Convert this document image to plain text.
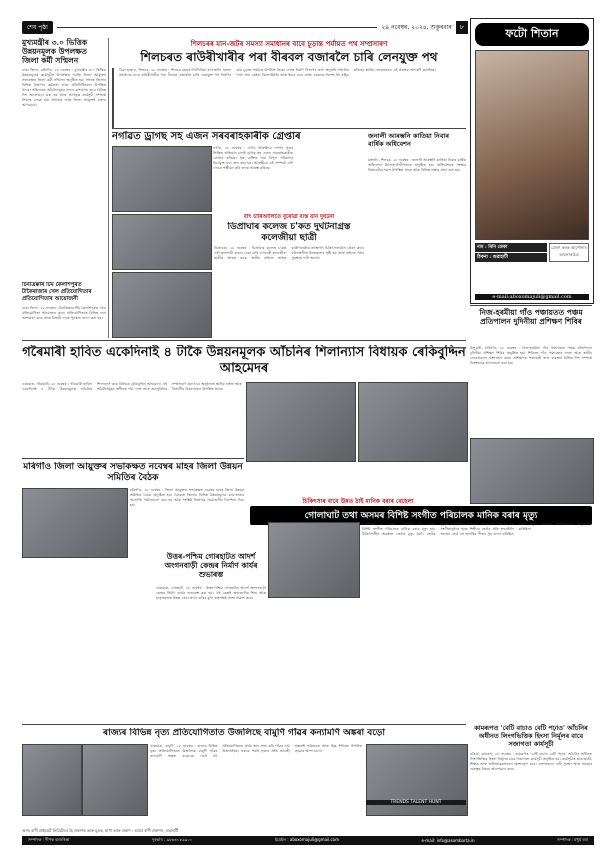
শেষ পৃষ্ঠা	২৯ নবেম্বৰ, ২০২৪, শুকুৰবাৰ	৮	ফটো শিতান
নাম : ৰিনি ডেকা
ঠিকনা : গুৱাহাটী
প্ৰেৰণ কৰক আপোনাৰ আলোকচিত্ৰ
e-mail:aboxomajuli@gmail.com
মুখ্যমন্ত্ৰীৰ ৩.০ ভিত্তিক উন্নয়নমূলক উপলক্ষত জিলা কৰ্মী সন্মিলন
ঢাকা জিলা, মৰিগাঁও, ২৮ নবেম্বৰ : মুখ্যমন্ত্ৰীৰ ৩.০ ভিত্তিক উন্নয়নমূলক কাৰ্যসূচীৰ উপলক্ষত আজি জিলা আয়ুক্তৰ সভাকক্ষত জিলা কৰ্মী সন্মিলন অনুষ্ঠিত হয়। সভাত জিলাৰ বিভিন্ন বিভাগৰ কৰ্মকৰ্তা আৰু প্ৰতিনিধিসকল উপস্থিত থাকে। সন্মিলনত আঁচনিসমূহৰ সফল ৰূপায়ণৰ বাবে বিভিন্ন দিশ আলোচনা কৰা হয় আৰু আগন্তুক কাৰ্যসূচী সম্পৰ্কে সিদ্ধান্ত লোৱা হয়। বিধায়ক আৰু জিলা আয়ুক্তই বক্তব্য আগবঢ়ায়।
শিলচৰৰ যান-জটৰ সমস্যা সমাধানৰ বাবে চূড়ান্ত পৰ্যায়ত পথ সম্প্ৰসাৰণ
শিলচৰত ৰাউৰীখাৰীৰ পৰা বীৰবল বজাৰলৈ চাৰি লেনযুক্ত পথ
ডিমা হাছাও, শিলচৰ, ২৮ নবেম্বৰ : শিলচৰ চহৰৰ দীৰ্ঘদিনীয়া যান-জটৰ সমস্যা সমাধানৰ বাবে ৰাউৰীখাৰীৰ পৰা বীৰবল বজাৰলৈ চাৰি লেনযুক্ত পথ নিৰ্মাণৰ কাম চূড়ান্ত পৰ্যায়ত উপনীত হৈছে। লোক নিৰ্মাণ বিভাগৰ তথ্য অনুসৰি পথটোৰ দৈৰ্ঘ্য প্ৰায় কেইবা কিলোমিটাৰ আৰু ইয়াৰ বাবে ৰাজ্য চৰকাৰে বিশেষ ধন মঞ্জুৰ কৰিছে। স্থানীয় লোকসকলে এই প্ৰকল্পক আদৰণি জনাইছে।
নগাঁৱত ড্ৰাগছ সহ এজন সৰবৰাহকাৰীক গ্ৰেপ্তাৰ
নগাঁও, ২৮ নবেম্বৰ : নগাঁও আৰক্ষীয়ে গোপন সূত্ৰৰ ভিত্তিত অভিযান চলাই ড্ৰাগছ সহ এজন সৰবৰাহকাৰীক গ্ৰেপ্তাৰ কৰিছে। ধৃত ব্যক্তিৰ পৰা বিপুল পৰিমাণৰ নিচাযুক্ত দ্ৰব্য জব্দ কৰা হয়। আৰক্ষীয়ে এই সম্পৰ্কে এটা গোচৰ পঞ্জীয়ন কৰি তদন্ত আৰম্ভ কৰিছে।
জনালী আৰম্ভনি কাতিয়া নিবাৰ বাৰ্ষিক অধিবেশন
মঙ্গলদৈ, শিলচৰ, ২৮ নবেম্বৰ : জনালী আৰম্ভনি কাতিয়া নিবাৰ বাৰ্ষিক অধিবেশন উৎসাহ-উদ্দীপনাৰে অনুষ্ঠিত হয়। অধিবেশনত সংস্থাৰ বিষয়ববীয়াসকল উপস্থিত থাকে আৰু বিভিন্ন প্ৰস্তাৱ গ্ৰহণ কৰা হয়।
বাৎ চাৰিআলিতে বুৰোৱা ব্যস্ত যান দুৰ্ঘটনা
ডিপ্ৰাঘাৰ কলেজ চ'কত দুৰ্ঘটনাগ্ৰস্ত কলেজীয়া ছাত্ৰী
ডিপ্ৰাঘাৰ, ২৮ নবেম্বৰ : ডিপ্ৰাঘাৰ কলেজ চ'কত এটা দ্ৰুতগামী বাহনে ঠেকা মাৰি এগৰাকী কলেজীয়া ছাত্ৰীক আহত কৰে। স্থানীয় ৰাইজে আহত ছাত্ৰীগৰাকীক তৎক্ষণাৎ চিকিৎসালয়লৈ প্ৰেৰণ কৰে। ঘটনাস্থলীত উত্তেজনাৰ সৃষ্টি হয় আৰু ৰাইজে পথৰ সুৰক্ষাৰ দাবী জনায়।
চিনত্ৰিক্কাৰ টিম কৈলাশপুৰত টাকৈৰাজাৰ খেল প্ৰতিযোগিতাৰ প্ৰতিযোগিতাৰ আয়োজনী
ঢাকা জিলা, ২৮ নবেম্বৰ : চিনত্ৰিক্কাৰ টিম কৈলাশপুৰত খেল প্ৰতিযোগিতা আয়োজন কৰে। প্ৰতিযোগিতাত বিভিন্ন দলে অংশগ্ৰহণ কৰে আৰু বিজয়ী দলক পুৰস্কাৰ প্ৰদান কৰা হয়।
নিজ-হৰমীয়া গাঁও পঞ্চায়তত পঞ্চম প্ৰতিপালন দুদিনীয়া প্ৰশিক্ষণ শিবিৰ
উলুবাৰী, মৰিগাঁও, ২৮ নবেম্বৰ : নিজ-হৰমীয়া গাঁও পঞ্চায়তত পঞ্চম প্ৰতিপালন দুদিনীয়া প্ৰশিক্ষণ শিবিৰ অনুষ্ঠিত হয়। শিবিৰত গাঁও পঞ্চায়তৰ সদস্য আৰু স্থানীয় লোকসকলে অংশগ্ৰহণ কৰে। প্ৰশিক্ষণত পঞ্চায়তী ৰাজ ব্যৱস্থাৰ বিভিন্ন দিশ সম্পৰ্কে বিতংভাৱে আলোচনা কৰা হয়।
গৰৈমাৰী হাবিত একেদিনাই ৪ টাকৈ উন্নয়নমূলক আঁচনিৰ শিলান্যাস বিধায়ক ৰেকিবুদ্দিন আহমেদৰ
ডাকমাৰা, গৰৈমাৰী, ২৮ নবেম্বৰ : গৰৈমাৰী হাবিত একেদিনাই ৪ টাকৈ উন্নয়নমূলক আঁচনিৰ শিলান্যাস কৰে বিধায়ক ৰেকিবুদ্দিন আহমেদে। এই আঁচনিসমূহৰ অধীনত পথ, দলং আৰু জনসুবিধাৰ সম্প্ৰসাৰণ কৰা হ'ব। অনুষ্ঠানত স্থানীয় ৰাইজ আৰু বিভাগীয় বিষয়াসকল উপস্থিত থাকে।
মৰিগাঁও জিলা আয়ুক্তৰ সভাকক্ষত নবেম্বৰ মাহৰ জিলা উন্নয়ন সমিতিৰ বৈঠক
মৰিগাঁও, ২৮ নবেম্বৰ : জিলা আয়ুক্তৰ সভাকক্ষত নবেম্বৰ মাহৰ জিলা উন্নয়ন সমিতিৰ বৈঠক অনুষ্ঠিত হয়। বৈঠকত জিলাৰ বিভিন্ন উন্নয়নমূলক কাম-কাজৰ অগ্ৰগতি পৰ্যালোচনা কৰা হয় আৰু সংশ্লিষ্ট বিভাগক প্ৰয়োজনীয় নিৰ্দেশনা দিয়া হয়।
উত্তৰ-পশ্চিম গোৰহাটত আদৰ্শ অংগনবাড়ী কেন্দ্ৰৰ নিৰ্মাণ কাৰ্যৰ শুভাৰম্ভ
ডাকমাৰা, গোৰহাট, ২৮ নবেম্বৰ : উত্তৰ-পশ্চিম গোৰহাটত আদৰ্শ অংগনবাড়ী কেন্দ্ৰৰ নিৰ্মাণ কাৰ্যৰ শুভাৰম্ভ কৰা হয়। এই কেন্দ্ৰই অঞ্চলটোৰ শিশু আৰু মাতৃসকলক উন্নত সেৱা প্ৰদান কৰিব বুলি কৰ্তৃপক্ষই আশা প্ৰকাশ কৰে।
চিকিৎসাৰ বাবে উন্নত ঠাই মানিক বৰাৰ বেহেলা
গোলাঘাট তথা অসমৰ বিশিষ্ট সংগীত পৰিচালক মানিক বৰাৰ মৃত্যু
গোলাঘাট, ২৮ নবেম্বৰ : গোলাঘাট তথা অসমৰ বিশিষ্ট সংগীত পৰিচালক মানিক বৰাৰ মৃত্যু হয়। চিকিৎসাধীন অৱস্থাত তেওঁৰ মৃত্যু ঘটে। তেওঁৰ মৃত্যুত সাংস্কৃতিক জগতত শোকৰ ছাঁ পৰিছে। বহু সংগীতানুষ্ঠান আৰু শিল্পীয়ে তেওঁৰ প্ৰতি শ্ৰদ্ধাঞ্জলি জনায়। তেওঁ বহু জনপ্ৰিয় গীতৰ সুৰ প্ৰদান কৰিছিল আৰু নতুন প্ৰজন্মৰ শিল্পীসকলক অনুপ্ৰাণিত কৰিছিল।
ৰাজ্যৰ বিভিন্ন নৃত্য প্ৰতিযোগিতাত উজলিছে বামুণি গাঁৱৰ কন্যামণি অঙ্কৰা বড়ো
ডাকমাৰা, বামুণি, ২৮ নবেম্বৰ : ৰাজ্যৰ বিভিন্ন নৃত্য প্ৰতিযোগিতাত উজলিছে বামুণি গাঁৱৰ কন্যামণি অঙ্কৰা বড়োৱে। তেওঁ বহু প্ৰতিযোগিতাত প্ৰথম স্থান লাভ কৰি গাঁৱৰ নাম উজলাইছে। সৰুৰে পৰাই নৃত্যৰ প্ৰতি আগ্ৰহী অঙ্কৰাই ভৱিষ্যতে আৰু উচ্চ শিখৰত উপনীত হোৱাৰ আশা ৰাখে।
TRENDS TALENT HUNT
কামৰূপত 'বেটি বাচাও বেটি পঢ়াও' আঁচনিৰ অধীনত লিংগভিত্তিক হিংসা নিৰ্মূলৰ বাবে সজাগতা কাৰ্যসূচী
ৰঙিয়া, কামৰূপ, ২৮ নবেম্বৰ : কামৰূপত 'বেটি বাচাও বেটি পঢ়াও' আঁচনিৰ অধীনত লিংগভিত্তিক হিংসা নিৰ্মূলৰ বাবে সজাগতা কাৰ্যসূচী অনুষ্ঠিত হয়। কাৰ্যসূচীত ছাত্ৰ-ছাত্ৰী, শিক্ষক আৰু অভিভাৱকসকলে অংশগ্ৰহণ কৰে। বক্তাসকলে নাৰী সুৰক্ষা আৰু সমতাৰ গুৰুত্বৰ বিষয়ে আলোচনা কৰে।
অসম বাণী প্ৰাইভেট লিমিটেডৰ হৈ প্ৰকাশক আৰু মুদ্ৰক, ছাপা আৰু প্ৰকাশ : আমৰ বাণী প্ৰকাশন, গুৱাহাটী
সম্পাদক : দীপক হাজৰিকা	দূৰভাষ : ৯৮৬৪০৮৯৯০০	ইমেইল : aboxomajuli@gmail.com	e-mail: info@asombarta.in	সম্পাদক : মধুৰ্য বৰা
